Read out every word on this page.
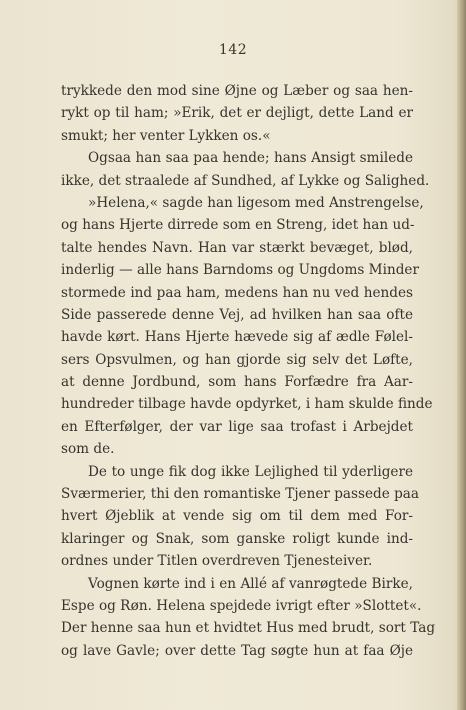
142
trykkede den mod sine Øjne og Læber og saa hen-
rykt op til ham; »Erik, det er dejligt, dette Land er
smukt; her venter Lykken os.«
Ogsaa han saa paa hende; hans Ansigt smilede
ikke, det straalede af Sundhed, af Lykke og Salighed.
»Helena,« sagde han ligesom med Anstrengelse,
og hans Hjerte dirrede som en Streng, idet han ud-
talte hendes Navn. Han var stærkt bevæget, blød,
inderlig — alle hans Barndoms og Ungdoms Minder
stormede ind paa ham, medens han nu ved hendes
Side passerede denne Vej, ad hvilken han saa ofte
havde kørt. Hans Hjerte hævede sig af ædle Følel-
sers Opsvulmen, og han gjorde sig selv det Løfte,
at denne Jordbund, som hans Forfædre fra Aar-
hundreder tilbage havde opdyrket, i ham skulde finde
en Efterfølger, der var lige saa trofast i Arbejdet
som de.
De to unge fik dog ikke Lejlighed til yderligere
Sværmerier, thi den romantiske Tjener passede paa
hvert Øjeblik at vende sig om til dem med For-
klaringer og Snak, som ganske roligt kunde ind-
ordnes under Titlen overdreven Tjenesteiver.
Vognen kørte ind i en Allé af vanrøgtede Birke,
Espe og Røn. Helena spejdede ivrigt efter »Slottet«.
Der henne saa hun et hvidtet Hus med brudt, sort Tag
og lave Gavle; over dette Tag søgte hun at faa Øje
